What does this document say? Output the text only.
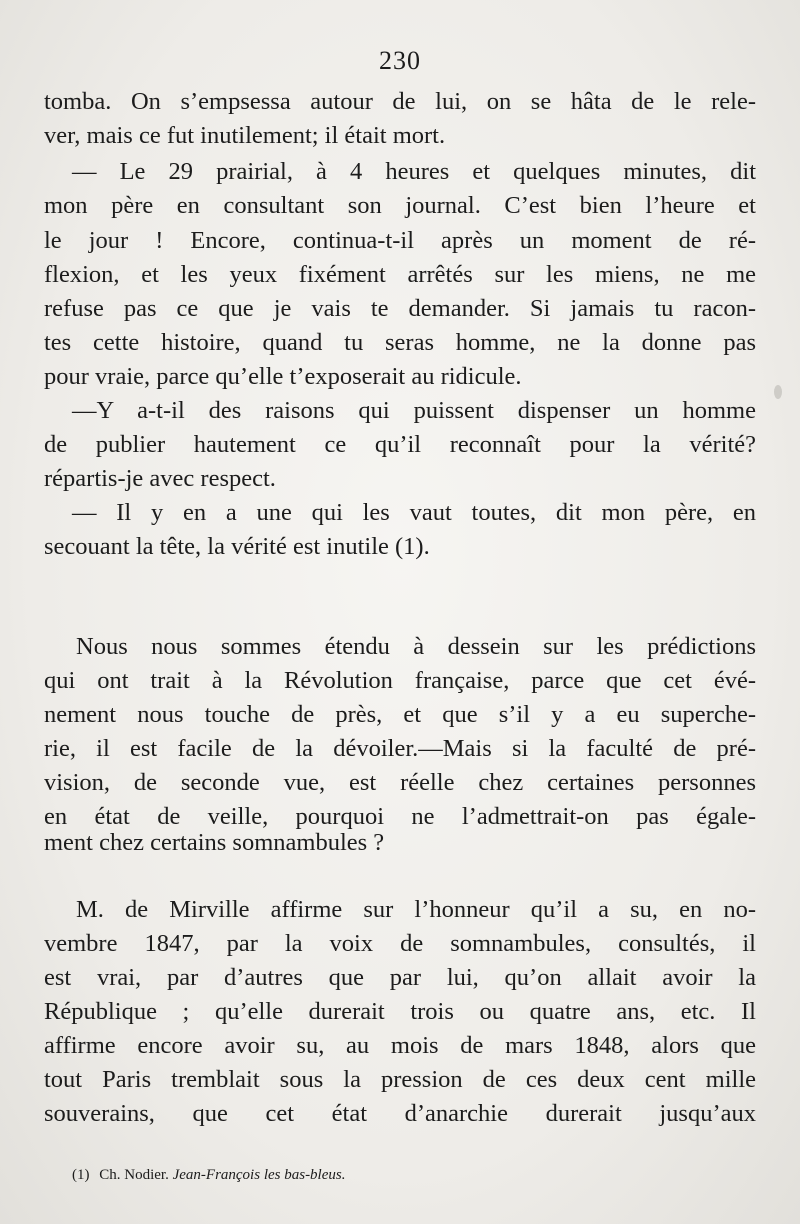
230
tomba. On s’empsessa autour de lui, on se hâta de le rele-
ver, mais ce fut inutilement; il était mort.
— Le 29 prairial, à 4 heures et quelques minutes, dit
mon père en consultant son journal. C’est bien l’heure et
le jour ! Encore, continua-t-il après un moment de ré-
flexion, et les yeux fixément arrêtés sur les miens, ne me
refuse pas ce que je vais te demander. Si jamais tu racon-
tes cette histoire, quand tu seras homme, ne la donne pas
pour vraie, parce qu’elle t’exposerait au ridicule.
—Y a-t-il des raisons qui puissent dispenser un homme
de publier hautement ce qu’il reconnaît pour la vérité?
répartis-je avec respect.
— Il y en a une qui les vaut toutes, dit mon père, en
secouant la tête, la vérité est inutile (1).
Nous nous sommes étendu à dessein sur les prédictions
qui ont trait à la Révolution française, parce que cet évé-
nement nous touche de près, et que s’il y a eu superche-
rie, il est facile de la dévoiler.—Mais si la faculté de pré-
vision, de seconde vue, est réelle chez certaines personnes
en état de veille, pourquoi ne l’admettrait-on pas égale-
ment chez certains somnambules ?
M. de Mirville affirme sur l’honneur qu’il a su, en no-
vembre 1847, par la voix de somnambules, consultés, il
est vrai, par d’autres que par lui, qu’on allait avoir la
République ; qu’elle durerait trois ou quatre ans, etc. Il
affirme encore avoir su, au mois de mars 1848, alors que
tout Paris tremblait sous la pression de ces deux cent mille
souverains, que cet état d’anarchie durerait jusqu’aux
(1) Ch. Nodier. Jean-François les bas-bleus.
